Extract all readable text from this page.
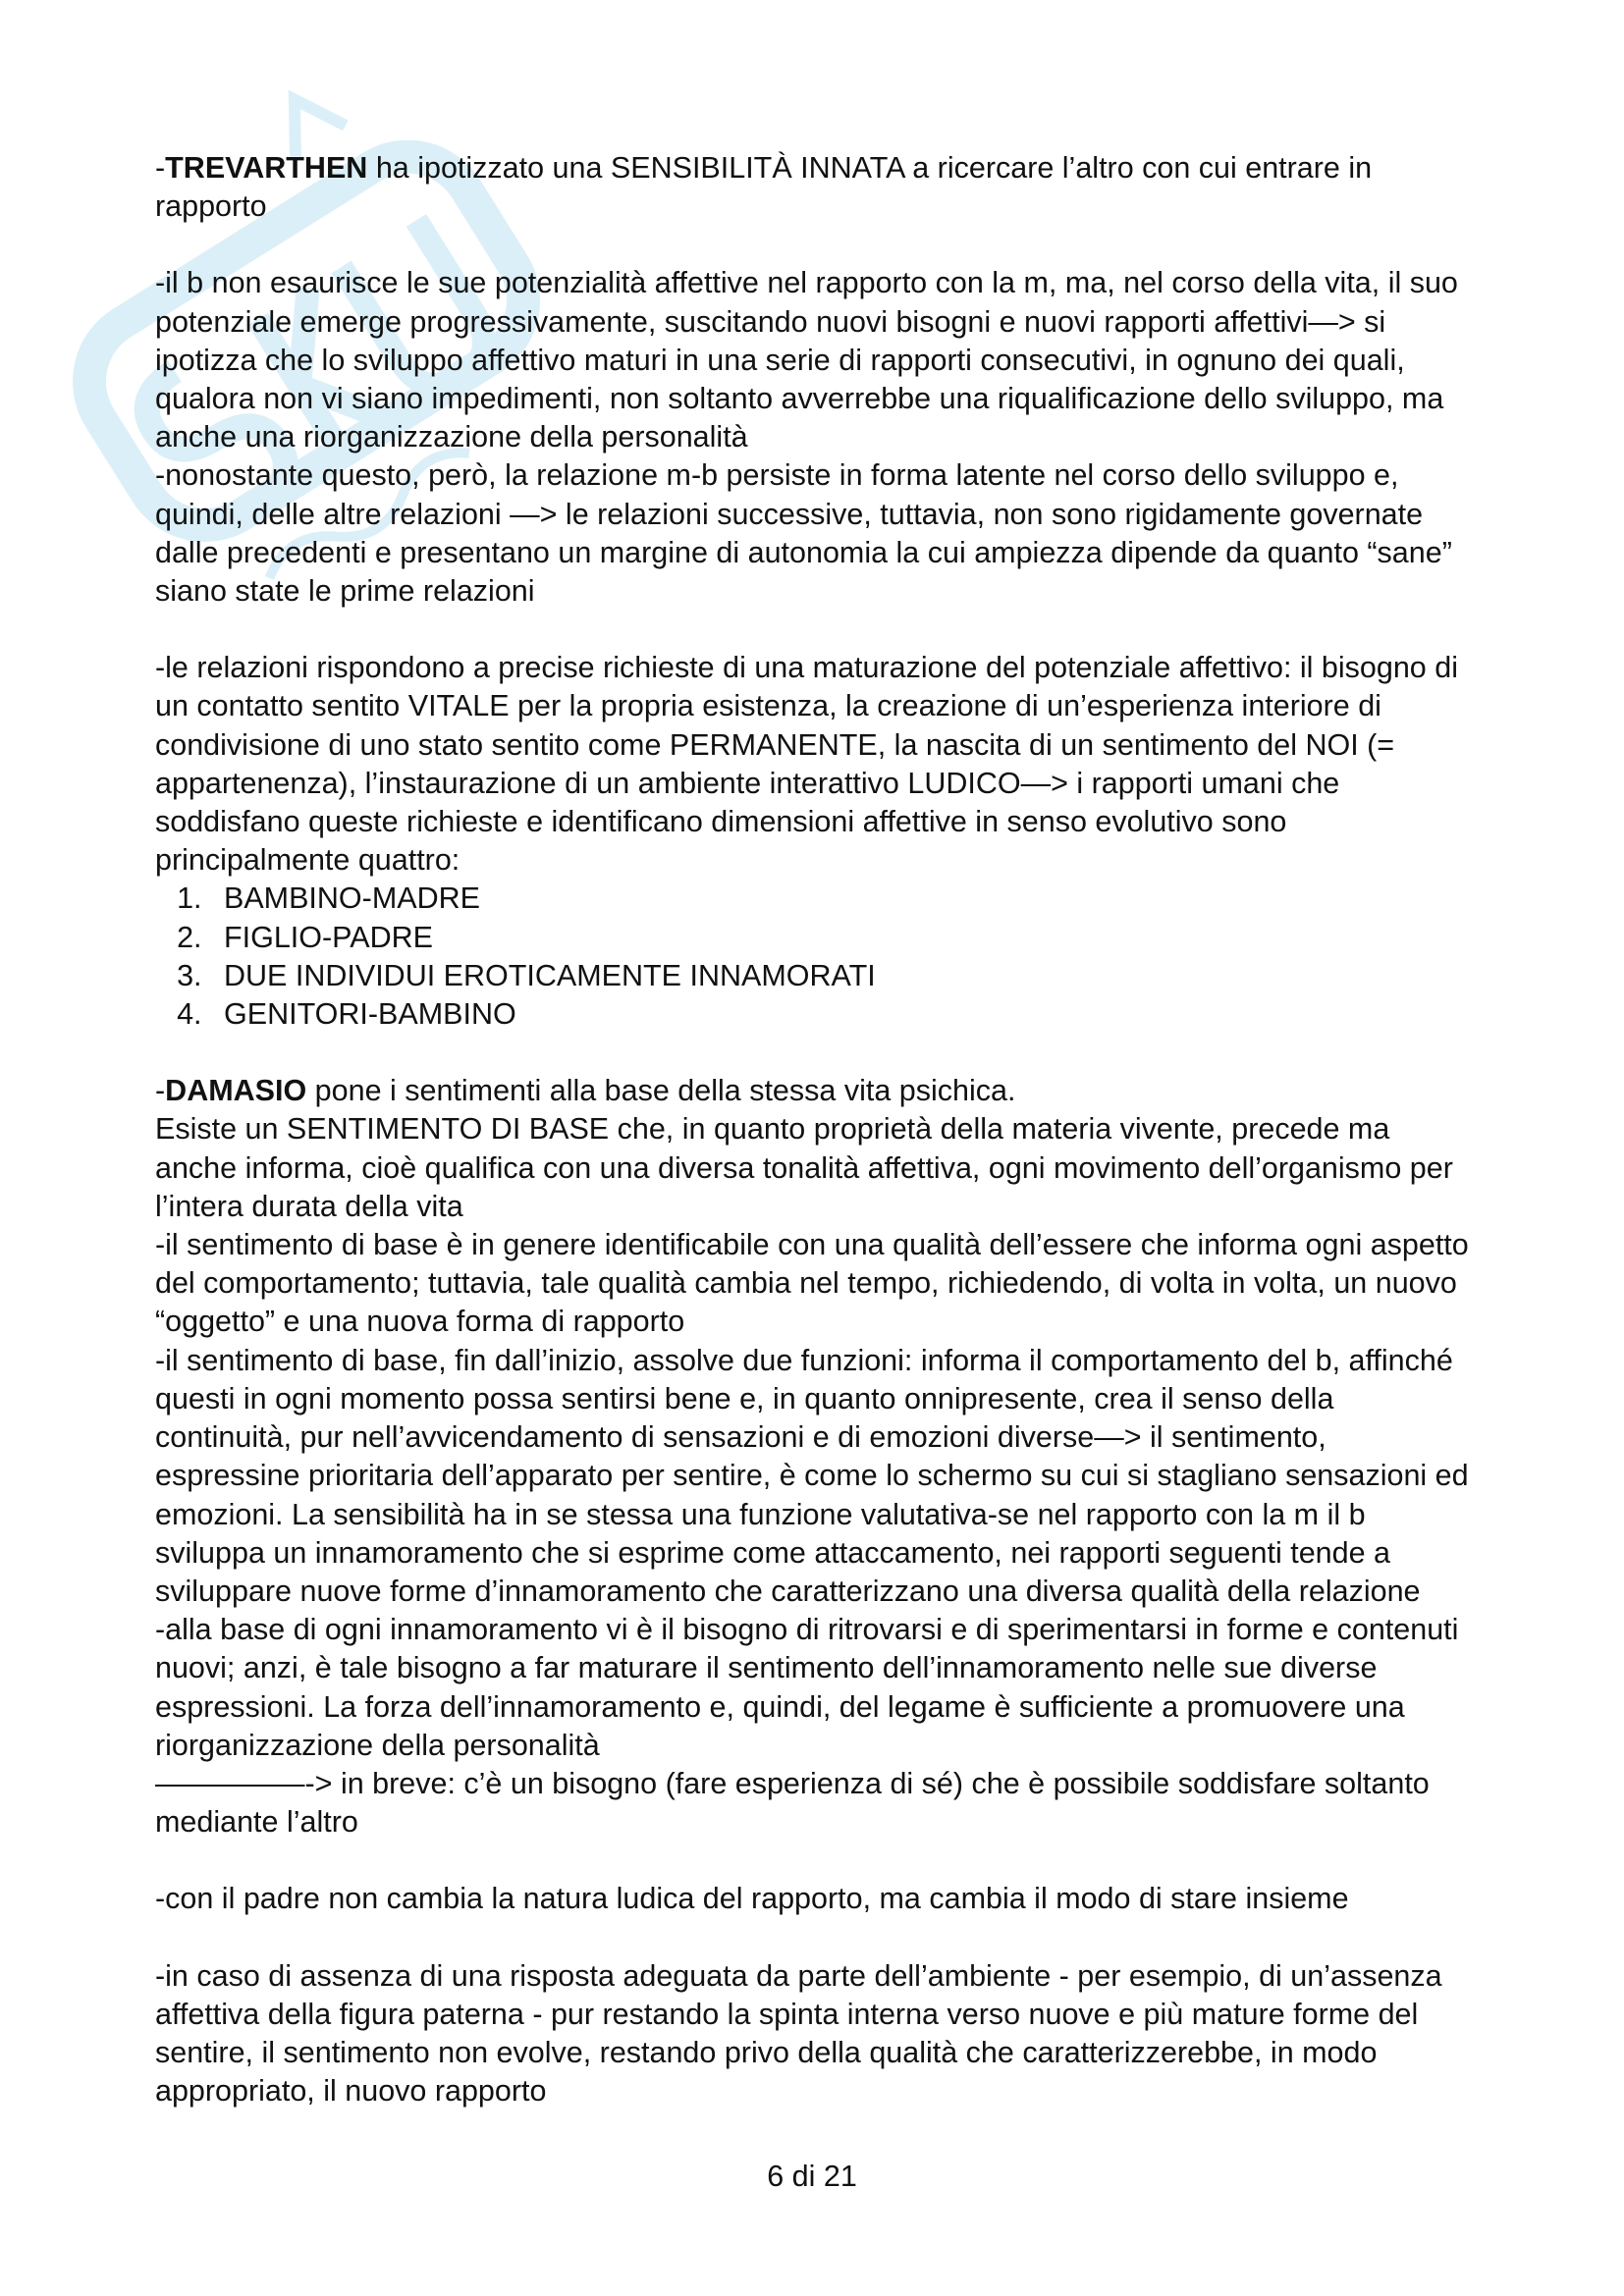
-TREVARTHEN ha ipotizzato una SENSIBILITÀ INNATA a ricercare l’altro con cui entrare in rapporto

-il b non esaurisce le sue potenzialità affettive nel rapporto con la m, ma, nel corso della vita, il suo potenziale emerge progressivamente, suscitando nuovi bisogni e nuovi rapporti affettivi—> si ipotizza che lo sviluppo affettivo maturi in una serie di rapporti consecutivi, in ognuno dei quali, qualora non vi siano impedimenti, non soltanto avverrebbe una riqualificazione dello sviluppo, ma anche una riorganizzazione della personalità

-nonostante questo, però, la relazione m-b persiste in forma latente nel corso dello sviluppo e, quindi, delle altre relazioni —> le relazioni successive, tuttavia, non sono rigidamente governate dalle precedenti e presentano un margine di autonomia la cui ampiezza dipende da quanto “sane” siano state le prime relazioni

-le relazioni rispondono a precise richieste di una maturazione del potenziale affettivo: il bisogno di un contatto sentito VITALE per la propria esistenza, la creazione di un’esperienza interiore di condivisione di uno stato sentito come PERMANENTE, la nascita di un sentimento del NOI (= appartenenza), l’instaurazione di un ambiente interattivo LUDICO—> i rapporti umani che soddisfano queste richieste e identificano dimensioni affettive in senso evolutivo sono principalmente quattro:

1. BAMBINO-MADRE
2. FIGLIO-PADRE
3. DUE INDIVIDUI EROTICAMENTE INNAMORATI
4. GENITORI-BAMBINO

-DAMASIO pone i sentimenti alla base della stessa vita psichica.

Esiste un SENTIMENTO DI BASE che, in quanto proprietà della materia vivente, precede ma anche informa, cioè qualifica con una diversa tonalità affettiva, ogni movimento dell’organismo per l’intera durata della vita

-il sentimento di base è in genere identificabile con una qualità dell’essere che informa ogni aspetto del comportamento; tuttavia, tale qualità cambia nel tempo, richiedendo, di volta in volta, un nuovo “oggetto” e una nuova forma di rapporto

-il sentimento di base, fin dall’inizio, assolve due funzioni: informa il comportamento del b, affinché questi in ogni momento possa sentirsi bene e, in quanto onnipresente, crea il senso della continuità, pur nell’avvicendamento di sensazioni e di emozioni diverse—> il sentimento, espressine prioritaria dell’apparato per sentire, è come lo schermo su cui si stagliano sensazioni ed emozioni. La sensibilità ha in se stessa una funzione valutativa-se nel rapporto con la m il b sviluppa un innamoramento che si esprime come attaccamento, nei rapporti seguenti tende a sviluppare nuove forme d’innamoramento che caratterizzano una diversa qualità della relazione

-alla base di ogni innamoramento vi è il bisogno di ritrovarsi e di sperimentarsi in forme e contenuti nuovi; anzi, è tale bisogno a far maturare il sentimento dell’innamoramento nelle sue diverse espressioni. La forza dell’innamoramento e, quindi, del legame è sufficiente a promuovere una riorganizzazione della personalità

—————-> in breve: c’è un bisogno (fare esperienza di sé) che è possibile soddisfare soltanto mediante l’altro

-con il padre non cambia la natura ludica del rapporto, ma cambia il modo di stare insieme

-in caso di assenza di una risposta adeguata da parte dell’ambiente - per esempio, di un’assenza affettiva della figura paterna - pur restando la spinta interna verso nuove e più mature forme del sentire, il sentimento non evolve, restando privo della qualità che caratterizzerebbe, in modo appropriato, il nuovo rapporto

6 di 21
